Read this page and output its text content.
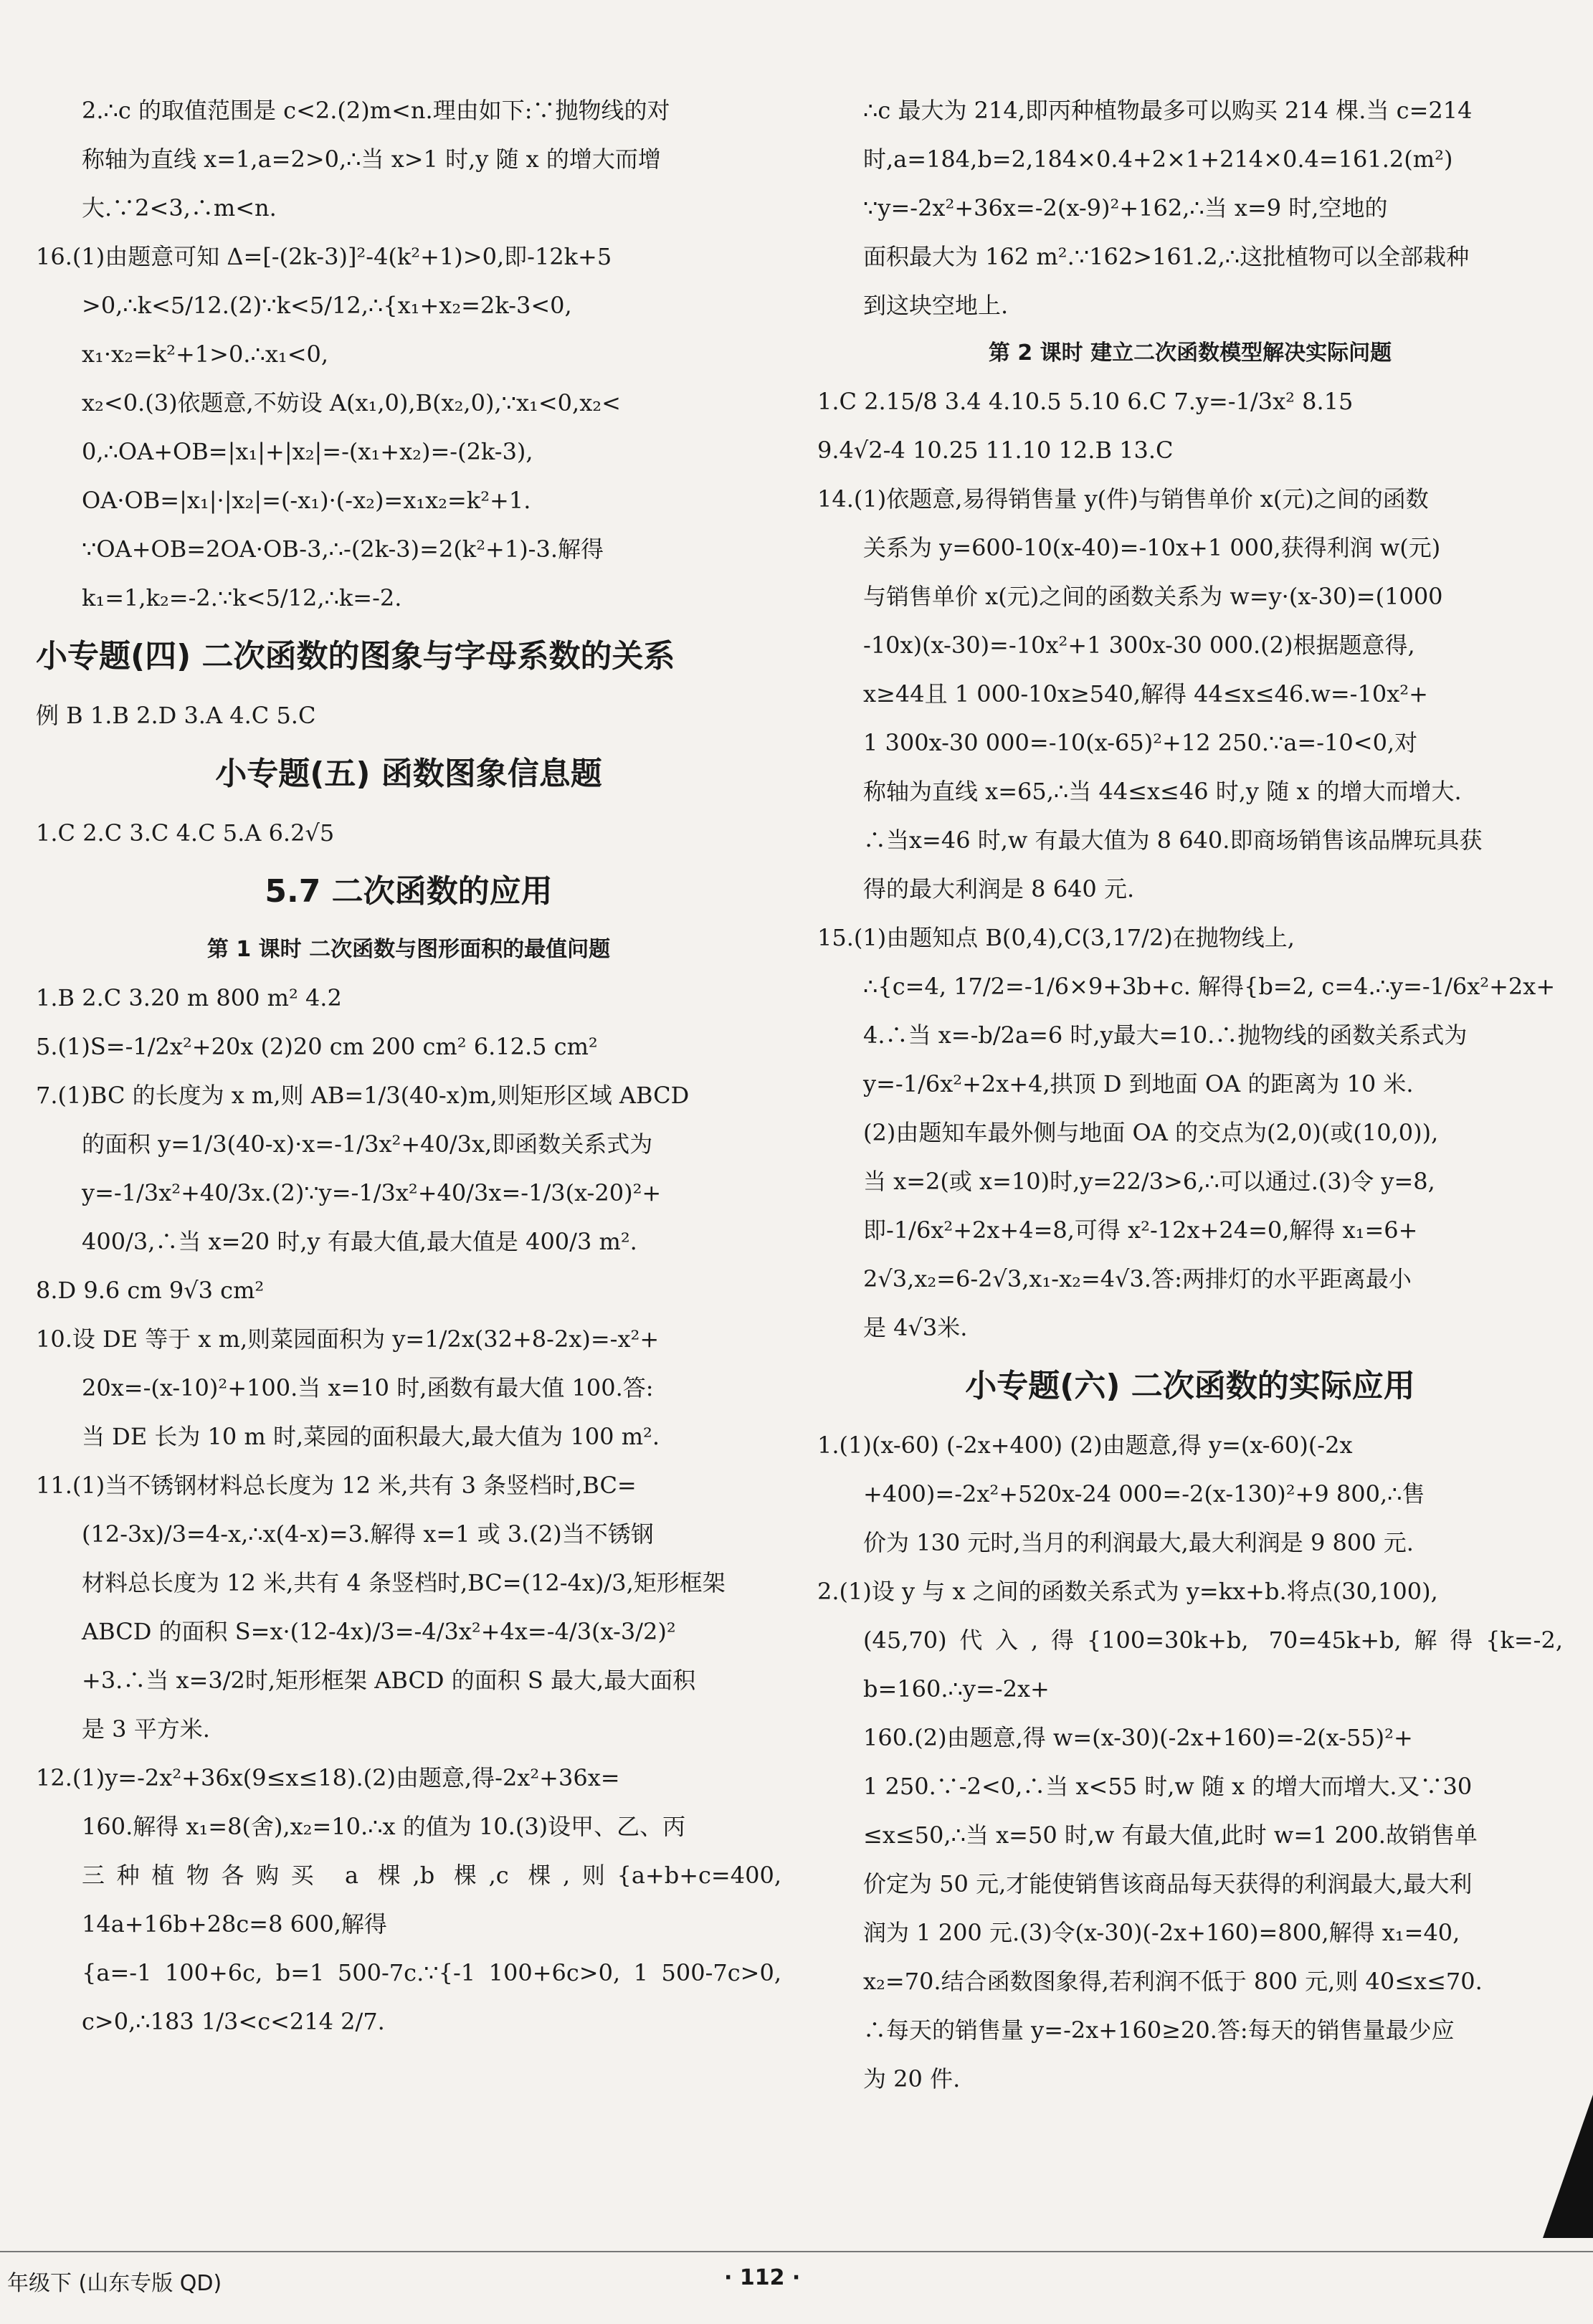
2.∴c 的取值范围是 c<2.(2)m<n.理由如下:∵抛物线的对

称轴为直线 x=1,a=2>0,∴当 x>1 时,y 随 x 的增大而增

大.∵2<3,∴m<n.

16.(1)由题意可知 Δ=[-(2k-3)]²-4(k²+1)>0,即-12k+5

>0,∴k<5/12.(2)∵k<5/12,∴{x₁+x₂=2k-3<0, x₁·x₂=k²+1>0.∴x₁<0,

x₂<0.(3)依题意,不妨设 A(x₁,0),B(x₂,0),∵x₁<0,x₂<

0,∴OA+OB=|x₁|+|x₂|=-(x₁+x₂)=-(2k-3),

OA·OB=|x₁|·|x₂|=(-x₁)·(-x₂)=x₁x₂=k²+1.

∵OA+OB=2OA·OB-3,∴-(2k-3)=2(k²+1)-3.解得

k₁=1,k₂=-2.∵k<5/12,∴k=-2.

小专题(四) 二次函数的图象与字母系数的关系

例 B 1.B 2.D 3.A 4.C 5.C

小专题(五) 函数图象信息题

1.C 2.C 3.C 4.C 5.A 6.2√5

5.7 二次函数的应用

第 1 课时 二次函数与图形面积的最值问题

1.B 2.C 3.20 m 800 m² 4.2

5.(1)S=-1/2x²+20x (2)20 cm 200 cm² 6.12.5 cm²

7.(1)BC 的长度为 x m,则 AB=1/3(40-x)m,则矩形区域 ABCD

的面积 y=1/3(40-x)·x=-1/3x²+40/3x,即函数关系式为

y=-1/3x²+40/3x.(2)∵y=-1/3x²+40/3x=-1/3(x-20)²+

400/3,∴当 x=20 时,y 有最大值,最大值是 400/3 m².

8.D 9.6 cm 9√3 cm²

10.设 DE 等于 x m,则菜园面积为 y=1/2x(32+8-2x)=-x²+

20x=-(x-10)²+100.当 x=10 时,函数有最大值 100.答:

当 DE 长为 10 m 时,菜园的面积最大,最大值为 100 m².

11.(1)当不锈钢材料总长度为 12 米,共有 3 条竖档时,BC=

(12-3x)/3=4-x,∴x(4-x)=3.解得 x=1 或 3.(2)当不锈钢

材料总长度为 12 米,共有 4 条竖档时,BC=(12-4x)/3,矩形框架

ABCD 的面积 S=x·(12-4x)/3=-4/3x²+4x=-4/3(x-3/2)²

+3.∴当 x=3/2时,矩形框架 ABCD 的面积 S 最大,最大面积

是 3 平方米.

12.(1)y=-2x²+36x(9≤x≤18).(2)由题意,得-2x²+36x=

160.解得 x₁=8(舍),x₂=10.∴x 的值为 10.(3)设甲、乙、丙

三种植物各购买 a 棵,b 棵,c 棵,则{a+b+c=400, 14a+16b+28c=8 600,解得

{a=-1 100+6c, b=1 500-7c.∵{-1 100+6c>0, 1 500-7c>0, c>0,∴183 1/3<c<214 2/7.

∴c 最大为 214,即丙种植物最多可以购买 214 棵.当 c=214

时,a=184,b=2,184×0.4+2×1+214×0.4=161.2(m²)

∵y=-2x²+36x=-2(x-9)²+162,∴当 x=9 时,空地的

面积最大为 162 m².∵162>161.2,∴这批植物可以全部栽种

到这块空地上.

第 2 课时 建立二次函数模型解决实际问题

1.C 2.15/8 3.4 4.10.5 5.10 6.C 7.y=-1/3x² 8.15

9.4√2-4 10.25 11.10 12.B 13.C

14.(1)依题意,易得销售量 y(件)与销售单价 x(元)之间的函数

关系为 y=600-10(x-40)=-10x+1 000,获得利润 w(元)

与销售单价 x(元)之间的函数关系为 w=y·(x-30)=(1000

-10x)(x-30)=-10x²+1 300x-30 000.(2)根据题意得,

x≥44且 1 000-10x≥540,解得 44≤x≤46.w=-10x²+

1 300x-30 000=-10(x-65)²+12 250.∵a=-10<0,对

称轴为直线 x=65,∴当 44≤x≤46 时,y 随 x 的增大而增大.

∴当x=46 时,w 有最大值为 8 640.即商场销售该品牌玩具获

得的最大利润是 8 640 元.

15.(1)由题知点 B(0,4),C(3,17/2)在抛物线上,

∴{c=4, 17/2=-1/6×9+3b+c. 解得{b=2, c=4.∴y=-1/6x²+2x+

4.∴当 x=-b/2a=6 时,y最大=10.∴抛物线的函数关系式为

y=-1/6x²+2x+4,拱顶 D 到地面 OA 的距离为 10 米.

(2)由题知车最外侧与地面 OA 的交点为(2,0)(或(10,0)),

当 x=2(或 x=10)时,y=22/3>6,∴可以通过.(3)令 y=8,

即-1/6x²+2x+4=8,可得 x²-12x+24=0,解得 x₁=6+

2√3,x₂=6-2√3,x₁-x₂=4√3.答:两排灯的水平距离最小

是 4√3米.

小专题(六) 二次函数的实际应用

1.(1)(x-60) (-2x+400) (2)由题意,得 y=(x-60)(-2x

+400)=-2x²+520x-24 000=-2(x-130)²+9 800,∴售

价为 130 元时,当月的利润最大,最大利润是 9 800 元.

2.(1)设 y 与 x 之间的函数关系式为 y=kx+b.将点(30,100),

(45,70)代入,得{100=30k+b, 70=45k+b,解得{k=-2, b=160.∴y=-2x+

160.(2)由题意,得 w=(x-30)(-2x+160)=-2(x-55)²+

1 250.∵-2<0,∴当 x<55 时,w 随 x 的增大而增大.又∵30

≤x≤50,∴当 x=50 时,w 有最大值,此时 w=1 200.故销售单

价定为 50 元,才能使销售该商品每天获得的利润最大,最大利

润为 1 200 元.(3)令(x-30)(-2x+160)=800,解得 x₁=40,

x₂=70.结合函数图象得,若利润不低于 800 元,则 40≤x≤70.

∴每天的销售量 y=-2x+160≥20.答:每天的销售量最少应

为 20 件.

年级下 (山东专版 QD)	· 112 ·
